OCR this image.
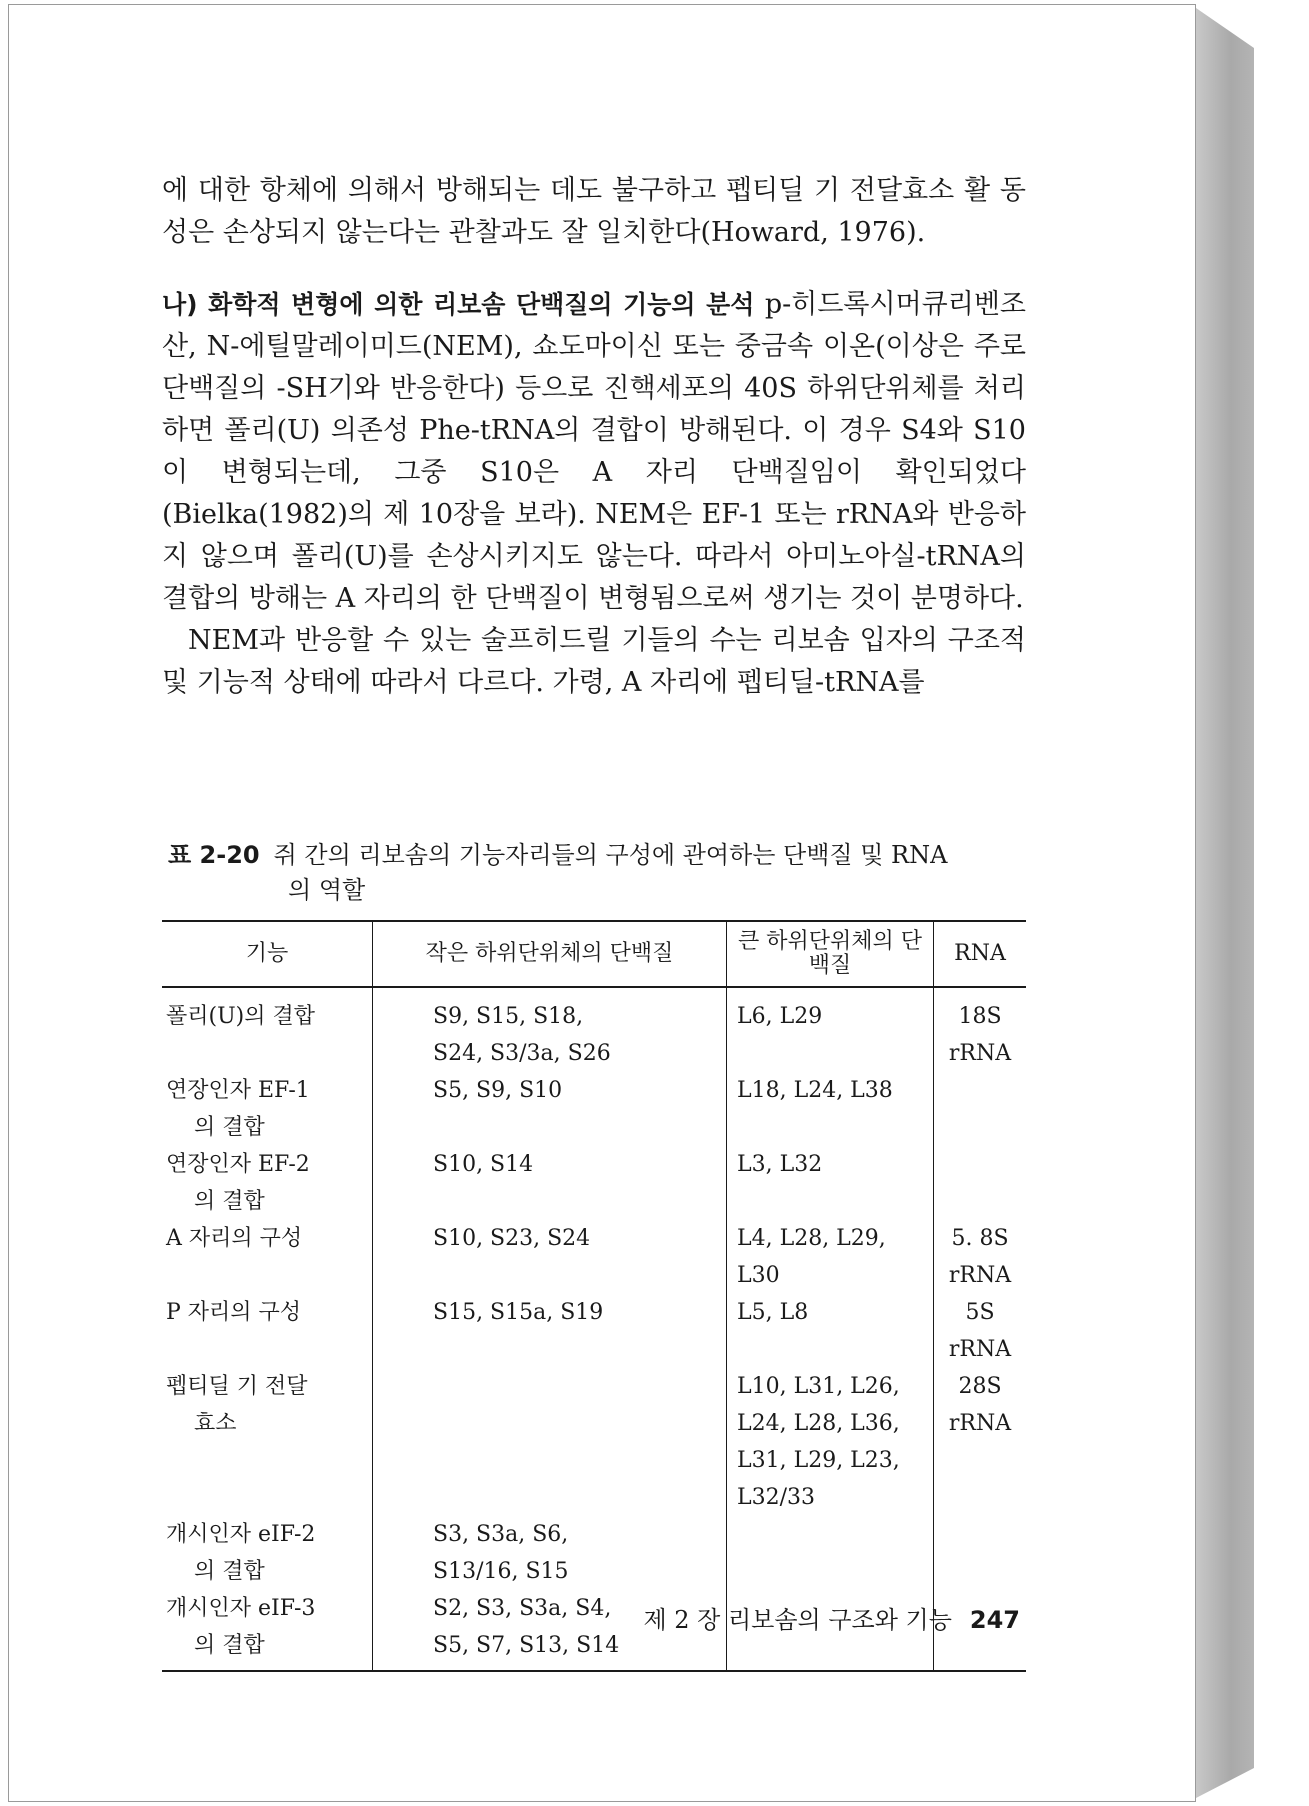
에 대한 항체에 의해서 방해되는 데도 불구하고 펩티딜 기 전달효소 활 동성은 손상되지 않는다는 관찰과도 잘 일치한다(Howard, 1976).

나) 화학적 변형에 의한 리보솜 단백질의 기능의 분석 p-히드록시머큐리벤조산, N-에틸말레이미드(NEM), 쇼도마이신 또는 중금속 이온(이상은 주로 단백질의 -SH기와 반응한다) 등으로 진핵세포의 40S 하위단위체를 처리하면 폴리(U) 의존성 Phe-tRNA의 결합이 방해된다. 이 경우 S4와 S10이 변형되는데, 그중 S10은 A 자리 단백질임이 확인되었다 (Bielka(1982)의 제 10장을 보라). NEM은 EF-1 또는 rRNA와 반응하지 않으며 폴리(U)를 손상시키지도 않는다. 따라서 아미노아실-tRNA의 결합의 방해는 A 자리의 한 단백질이 변형됨으로써 생기는 것이 분명하다.

NEM과 반응할 수 있는 술프히드릴 기들의 수는 리보솜 입자의 구조적 및 기능적 상태에 따라서 다르다. 가령, A 자리에 펩티딜-tRNA를

표 2-20 쥐 간의 리보솜의 기능자리들의 구성에 관여하는 단백질 및 RNA
의 역할
기능	작은 하위단위체의 단백질	큰 하위단위체의 단백질	RNA

폴리(U)의 결합	S9, S15, S18,
S24, S3/3a, S26	L6, L29	18S rRNA

연장인자 EF-1
의 결합	S5, S9, S10	L18, L24, L38	

연장인자 EF-2
의 결합	S10, S14	L3, L32	

A 자리의 구성	S10, S23, S24	L4, L28, L29, L30	5. 8S rRNA

P 자리의 구성	S15, S15a, S19	L5, L8	5S rRNA

펩티딜 기 전달
효소		L10, L31, L26,
L24, L28, L36,
L31, L29, L23,
L32/33	28S rRNA

개시인자 eIF-2
의 결합	S3, S3a, S6,
S13/16, S15		

개시인자 eIF-3
의 결합	S2, S3, S3a, S4,
S5, S7, S13, S14		

제 2 장 리보솜의 구조와 기능 247
